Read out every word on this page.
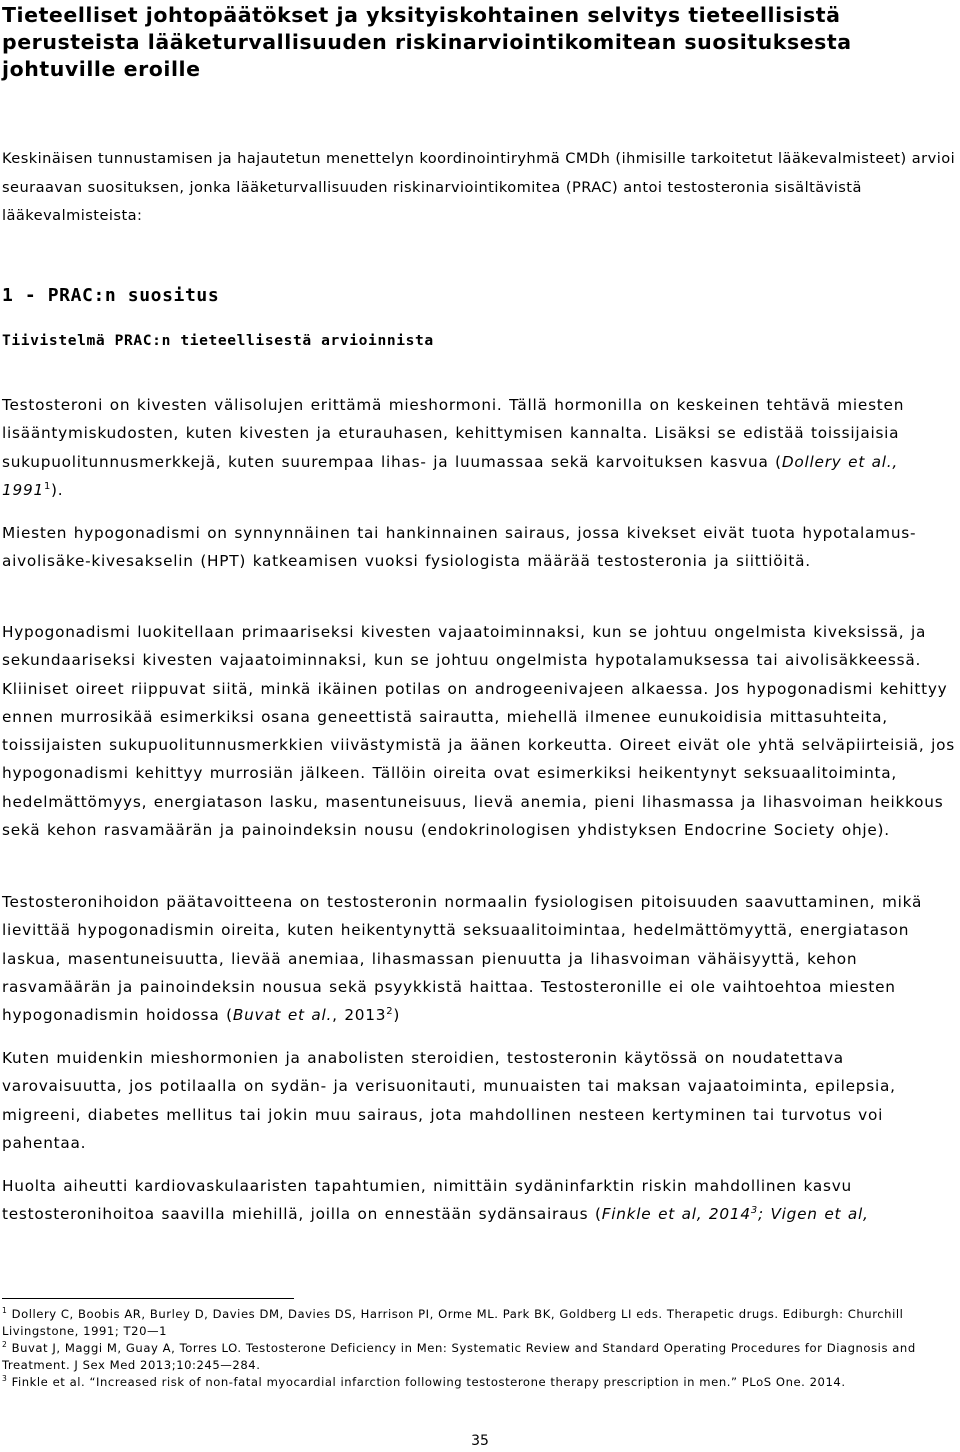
Tieteelliset johtopäätökset ja yksityiskohtainen selvitys tieteellisistä perusteista lääketurvallisuuden riskinarviointikomitean suosituksesta johtuville eroille

Keskinäisen tunnustamisen ja hajautetun menettelyn koordinointiryhmä CMDh (ihmisille tarkoitetut lääkevalmisteet) arvioi seuraavan suosituksen, jonka lääketurvallisuuden riskinarviointikomitea (PRAC) antoi testosteronia sisältävistä lääkevalmisteista:

1 - PRAC:n suositus
Tiivistelmä PRAC:n tieteellisestä arvioinnista

Testosteroni on kivesten välisolujen erittämä mieshormoni. Tällä hormonilla on keskeinen tehtävä miesten lisääntymiskudosten, kuten kivesten ja eturauhasen, kehittymisen kannalta. Lisäksi se edistää toissijaisia sukupuolitunnusmerkkejä, kuten suurempaa lihas- ja luumassaa sekä karvoituksen kasvua (Dollery et al., 1991$^1$).

Miesten hypogonadismi on synnynnäinen tai hankinnainen sairaus, jossa kivekset eivät tuota hypotalamus-aivolisäke-kivesakselin (HPT) katkeamisen vuoksi fysiologista määrää testosteronia ja siittiöitä.

Hypogonadismi luokitellaan primaariseksi kivesten vajaatoiminnaksi, kun se johtuu ongelmista kiveksissä, ja sekundaariseksi kivesten vajaatoiminnaksi, kun se johtuu ongelmista hypotalamuksessa tai aivolisäkkeessä. Kliiniset oireet riippuvat siitä, minkä ikäinen potilas on androgeenivajeen alkaessa. Jos hypogonadismi kehittyy ennen murrosikää esimerkiksi osana geneettistä sairautta, miehellä ilmenee eunukoidisia mittasuhteita, toissijaisten sukupuolitunnusmerkkien viivästymistä ja äänen korkeutta. Oireet eivät ole yhtä selväpiirteisiä, jos hypogonadismi kehittyy murrosiän jälkeen. Tällöin oireita ovat esimerkiksi heikentynyt seksuaalitoiminta, hedelmättömyys, energiatason lasku, masentuneisuus, lievä anemia, pieni lihasmassa ja lihasvoiman heikkous sekä kehon rasvamäärän ja painoindeksin nousu (endokrinologisen yhdistyksen Endocrine Society ohje).

Testosteronihoidon päätavoitteena on testosteronin normaalin fysiologisen pitoisuuden saavuttaminen, mikä lievittää hypogonadismin oireita, kuten heikentynyttä seksuaalitoimintaa, hedelmättömyyttä, energiatason laskua, masentuneisuutta, lievää anemiaa, lihasmassan pienuutta ja lihasvoiman vähäisyyttä, kehon rasvamäärän ja painoindeksin nousua sekä psyykkistä haittaa. Testosteronille ei ole vaihtoehtoa miesten hypogonadismin hoidossa (Buvat et al., 2013$^2$)

Kuten muidenkin mieshormonien ja anabolisten steroidien, testosteronin käytössä on noudatettava varovaisuutta, jos potilaalla on sydän- ja verisuonitauti, munuaisten tai maksan vajaatoiminta, epilepsia, migreeni, diabetes mellitus tai jokin muu sairaus, jota mahdollinen nesteen kertyminen tai turvotus voi pahentaa.

Huolta aiheutti kardiovaskulaaristen tapahtumien, nimittäin sydäninfarktin riskin mahdollinen kasvu testosteronihoitoa saavilla miehillä, joilla on ennestään sydänsairaus (Finkle et al, 2014$^3$; Vigen et al,

$^1$ Dollery C, Boobis AR, Burley D, Davies DM, Davies DS, Harrison PI, Orme ML. Park BK, Goldberg LI eds. Therapetic drugs. Ediburgh: Churchill Livingstone, 1991; T20—1

$^2$ Buvat J, Maggi M, Guay A, Torres LO. Testosterone Deficiency in Men: Systematic Review and Standard Operating Procedures for Diagnosis and Treatment. J Sex Med 2013;10:245—284.

$^3$ Finkle et al. “Increased risk of non-fatal myocardial infarction following testosterone therapy prescription in men.” PLoS One. 2014.

35
